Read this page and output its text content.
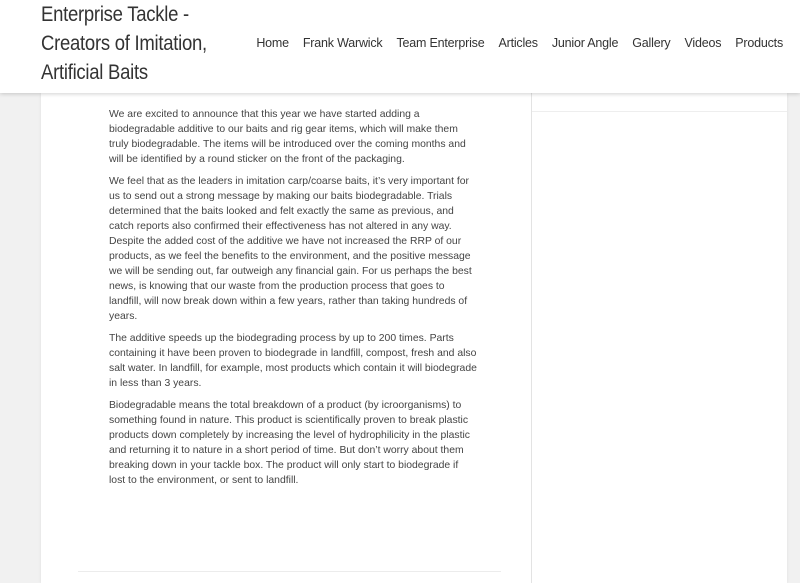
Enterprise Tackle -
Creators of Imitation,
Artificial Baits
Home Frank Warwick Team Enterprise Articles Junior Angle Gallery Videos Products

We are excited to announce that this year we have started adding a biodegradable additive to our baits and rig gear items, which will make them truly biodegradable. The items will be introduced over the coming months and will be identified by a round sticker on the front of the packaging.

We feel that as the leaders in imitation carp/coarse baits, it’s very important for us to send out a strong message by making our baits biodegradable. Trials determined that the baits looked and felt exactly the same as previous, and catch reports also confirmed their effectiveness has not altered in any way. Despite the added cost of the additive we have not increased the RRP of our products, as we feel the benefits to the environment, and the positive message we will be sending out, far outweigh any financial gain. For us perhaps the best news, is knowing that our waste from the production process that goes to landfill, will now break down within a few years, rather than taking hundreds of years.

The additive speeds up the biodegrading process by up to 200 times. Parts containing it have been proven to biodegrade in landfill, compost, fresh and also salt water. In landfill, for example, most products which contain it will biodegrade in less than 3 years.

Biodegradable means the total breakdown of a product (by icroorganisms) to something found in nature. This product is scientifically proven to break plastic products down completely by increasing the level of hydrophilicity in the plastic and returning it to nature in a short period of time. But don’t worry about them breaking down in your tackle box. The product will only start to biodegrade if lost to the environment, or sent to landfill.
